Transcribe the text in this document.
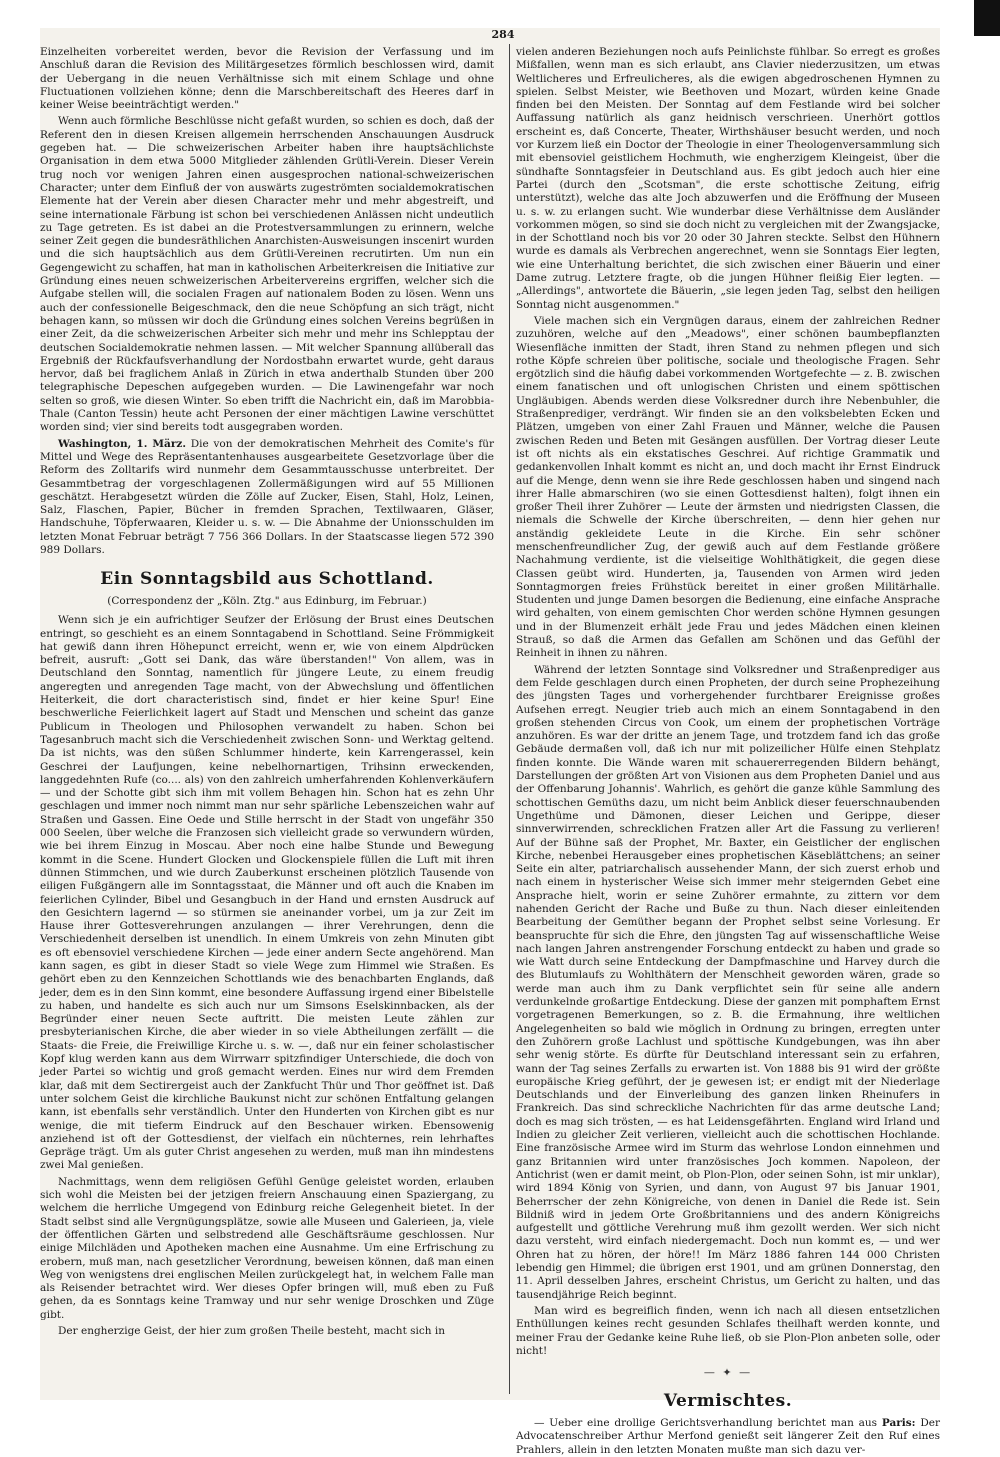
284

Einzelheiten vorbereitet werden, bevor die Revision der Verfassung und im Anschluß daran die Revision des Militärgesetzes förmlich beschlossen wird, damit der Uebergang in die neuen Verhältnisse sich mit einem Schlage und ohne Fluctuationen vollziehen könne; denn die Marschbereitschaft des Heeres darf in keiner Weise beeinträchtigt werden."

Wenn auch förmliche Beschlüsse nicht gefaßt wurden, so schien es doch, daß der Referent den in diesen Kreisen allgemein herrschenden Anschauungen Ausdruck gegeben hat. — Die schweizerischen Arbeiter haben ihre hauptsächlichste Organisation in dem etwa 5000 Mitglieder zählenden Grütli-Verein. Dieser Verein trug noch vor wenigen Jahren einen ausgesprochen national-schweizerischen Character; unter dem Einfluß der von auswärts zugeströmten socialdemokratischen Elemente hat der Verein aber diesen Character mehr und mehr abgestreift, und seine internationale Färbung ist schon bei verschiedenen Anlässen nicht undeutlich zu Tage getreten. Es ist dabei an die Protestversammlungen zu erinnern, welche seiner Zeit gegen die bundesräthlichen Anarchisten-Ausweisungen inscenirt wurden und die sich hauptsächlich aus dem Grütli-Vereinen recrutirten. Um nun ein Gegengewicht zu schaffen, hat man in katholischen Arbeiterkreisen die Initiative zur Gründung eines neuen schweizerischen Arbeitervereins ergriffen, welcher sich die Aufgabe stellen will, die socialen Fragen auf nationalem Boden zu lösen. Wenn uns auch der confessionelle Beigeschmack, den die neue Schöpfung an sich trägt, nicht behagen kann, so müssen wir doch die Gründung eines solchen Vereins begrüßen in einer Zeit, da die schweizerischen Arbeiter sich mehr und mehr ins Schlepptau der deutschen Socialdemokratie nehmen lassen. — Mit welcher Spannung allüberall das Ergebniß der Rückfaufsverhandlung der Nordostbahn erwartet wurde, geht daraus hervor, daß bei fraglichem Anlaß in Zürich in etwa anderthalb Stunden über 200 telegraphische Depeschen aufgegeben wurden. — Die Lawinengefahr war noch selten so groß, wie diesen Winter. So eben trifft die Nachricht ein, daß im Marobbia-Thale (Canton Tessin) heute acht Personen der einer mächtigen Lawine verschüttet worden sind; vier sind bereits todt ausgegraben worden.

Washington, 1. März. Die von der demokratischen Mehrheit des Comite's für Mittel und Wege des Repräsentantenhauses ausgearbeitete Gesetzvorlage über die Reform des Zolltarifs wird nunmehr dem Gesammtausschusse unterbreitet. Der Gesammtbetrag der vorgeschlagenen Zollermäßigungen wird auf 55 Millionen geschätzt. Herabgesetzt würden die Zölle auf Zucker, Eisen, Stahl, Holz, Leinen, Salz, Flaschen, Papier, Bücher in fremden Sprachen, Textilwaaren, Gläser, Handschuhe, Töpferwaaren, Kleider u. s. w. — Die Abnahme der Unionsschulden im letzten Monat Februar beträgt 7 756 366 Dollars. In der Staatscasse liegen 572 390 989 Dollars.

Ein Sonntagsbild aus Schottland.
(Correspondenz der „Köln. Ztg." aus Edinburg, im Februar.)

Wenn sich je ein aufrichtiger Seufzer der Erlösung der Brust eines Deutschen entringt, so geschieht es an einem Sonntagabend in Schottland. Seine Frömmigkeit hat gewiß dann ihren Höhepunct erreicht, wenn er, wie von einem Alpdrücken befreit, ausruft: „Gott sei Dank, das wäre überstanden!" Von allem, was in Deutschland den Sonntag, namentlich für jüngere Leute, zu einem freudig angeregten und anregenden Tage macht, von der Abwechslung und öffentlichen Heiterkeit, die dort characteristisch sind, findet er hier keine Spur! Eine beschwerliche Feierlichkeit lagert auf Stadt und Menschen und scheint das ganze Publicum in Theologen und Philosophen verwandelt zu haben. Schon bei Tagesanbruch macht sich die Verschiedenheit zwischen Sonn- und Werktag geltend. Da ist nichts, was den süßen Schlummer hinderte, kein Karrengerassel, kein Geschrei der Laufjungen, keine nebelhornartigen, Trihsinn erweckenden, langgedehnten Rufe (co.... als) von den zahlreich umherfahrenden Kohlenverkäufern — und der Schotte gibt sich ihm mit vollem Behagen hin. Schon hat es zehn Uhr geschlagen und immer noch nimmt man nur sehr spärliche Lebenszeichen wahr auf Straßen und Gassen. Eine Oede und Stille herrscht in der Stadt von ungefähr 350 000 Seelen, über welche die Franzosen sich vielleicht grade so verwundern würden, wie bei ihrem Einzug in Moscau. Aber noch eine halbe Stunde und Bewegung kommt in die Scene. Hundert Glocken und Glockenspiele füllen die Luft mit ihren dünnen Stimmchen, und wie durch Zauberkunst erscheinen plötzlich Tausende von eiligen Fußgängern alle im Sonntagsstaat, die Männer und oft auch die Knaben im feierlichen Cylinder, Bibel und Gesangbuch in der Hand und ernsten Ausdruck auf den Gesichtern lagernd — so stürmen sie aneinander vorbei, um ja zur Zeit im Hause ihrer Gottesverehrungen anzulangen — ihrer Verehrungen, denn die Verschiedenheit derselben ist unendlich. In einem Umkreis von zehn Minuten gibt es oft ebensoviel verschiedene Kirchen — jede einer andern Secte angehörend. Man kann sagen, es gibt in dieser Stadt so viele Wege zum Himmel wie Straßen. Es gehört eben zu den Kennzeichen Schottlands wie des benachbarten Englands, daß jeder, dem es in den Sinn kommt, eine besondere Auffassung irgend einer Bibelstelle zu haben, und handelte es sich auch nur um Simsons Eselskinnbacken, als der Begründer einer neuen Secte auftritt. Die meisten Leute zählen zur presbyterianischen Kirche, die aber wieder in so viele Abtheilungen zerfällt — die Staats- die Freie, die Freiwillige Kirche u. s. w. —, daß nur ein feiner scholastischer Kopf klug werden kann aus dem Wirrwarr spitzfindiger Unterschiede, die doch von jeder Partei so wichtig und groß gemacht werden. Eines nur wird dem Fremden klar, daß mit dem Sectirergeist auch der Zankfucht Thür und Thor geöffnet ist. Daß unter solchem Geist die kirchliche Baukunst nicht zur schönen Entfaltung gelangen kann, ist ebenfalls sehr verständlich. Unter den Hunderten von Kirchen gibt es nur wenige, die mit tieferm Eindruck auf den Beschauer wirken. Ebensowenig anziehend ist oft der Gottesdienst, der vielfach ein nüchternes, rein lehrhaftes Gepräge trägt. Um als guter Christ angesehen zu werden, muß man ihn mindestens zwei Mal genießen.

Nachmittags, wenn dem religiösen Gefühl Genüge geleistet worden, erlauben sich wohl die Meisten bei der jetzigen freiern Anschauung einen Spaziergang, zu welchem die herrliche Umgegend von Edinburg reiche Gelegenheit bietet. In der Stadt selbst sind alle Vergnügungsplätze, sowie alle Museen und Galerieen, ja, viele der öffentlichen Gärten und selbstredend alle Geschäftsräume geschlossen. Nur einige Milchläden und Apotheken machen eine Ausnahme. Um eine Erfrischung zu erobern, muß man, nach gesetzlicher Verordnung, beweisen können, daß man einen Weg von wenigstens drei englischen Meilen zurückgelegt hat, in welchem Falle man als Reisender betrachtet wird. Wer dieses Opfer bringen will, muß eben zu Fuß gehen, da es Sonntags keine Tramway und nur sehr wenige Droschken und Züge gibt.

Der engherzige Geist, der hier zum großen Theile besteht, macht sich in

vielen anderen Beziehungen noch aufs Peinlichste fühlbar. So erregt es großes Mißfallen, wenn man es sich erlaubt, ans Clavier niederzusitzen, um etwas Weltlicheres und Erfreulicheres, als die ewigen abgedroschenen Hymnen zu spielen. Selbst Meister, wie Beethoven und Mozart, würden keine Gnade finden bei den Meisten. Der Sonntag auf dem Festlande wird bei solcher Auffassung natürlich als ganz heidnisch verschrieen. Unerhört gottlos erscheint es, daß Concerte, Theater, Wirthshäuser besucht werden, und noch vor Kurzem ließ ein Doctor der Theologie in einer Theologenversammlung sich mit ebensoviel geistlichem Hochmuth, wie engherzigem Kleingeist, über die sündhafte Sonntagsfeier in Deutschland aus. Es gibt jedoch auch hier eine Partei (durch den „Scotsman", die erste schottische Zeitung, eifrig unterstützt), welche das alte Joch abzuwerfen und die Eröffnung der Museen u. s. w. zu erlangen sucht. Wie wunderbar diese Verhältnisse dem Ausländer vorkommen mögen, so sind sie doch nicht zu vergleichen mit der Zwangsjacke, in der Schottland noch bis vor 20 oder 30 Jahren steckte. Selbst den Hühnern wurde es damals als Verbrechen angerechnet, wenn sie Sonntags Eier legten, wie eine Unterhaltung berichtet, die sich zwischen einer Bäuerin und einer Dame zutrug. Letztere fragte, ob die jungen Hühner fleißig Eier legten. — „Allerdings", antwortete die Bäuerin, „sie legen jeden Tag, selbst den heiligen Sonntag nicht ausgenommen."

Viele machen sich ein Vergnügen daraus, einem der zahlreichen Redner zuzuhören, welche auf den „Meadows", einer schönen baumbepflanzten Wiesenfläche inmitten der Stadt, ihren Stand zu nehmen pflegen und sich rothe Köpfe schreien über politische, sociale und theologische Fragen. Sehr ergötzlich sind die häufig dabei vorkommenden Wortgefechte — z. B. zwischen einem fanatischen und oft unlogischen Christen und einem spöttischen Ungläubigen. Abends werden diese Volksredner durch ihre Nebenbuhler, die Straßenprediger, verdrängt. Wir finden sie an den volksbelebten Ecken und Plätzen, umgeben von einer Zahl Frauen und Männer, welche die Pausen zwischen Reden und Beten mit Gesängen ausfüllen. Der Vortrag dieser Leute ist oft nichts als ein ekstatisches Geschrei. Auf richtige Grammatik und gedankenvollen Inhalt kommt es nicht an, und doch macht ihr Ernst Eindruck auf die Menge, denn wenn sie ihre Rede geschlossen haben und singend nach ihrer Halle abmarschiren (wo sie einen Gottesdienst halten), folgt ihnen ein großer Theil ihrer Zuhörer — Leute der ärmsten und niedrigsten Classen, die niemals die Schwelle der Kirche überschreiten, — denn hier gehen nur anständig gekleidete Leute in die Kirche. Ein sehr schöner menschenfreundlicher Zug, der gewiß auch auf dem Festlande größere Nachahmung verdiente, ist die vielseitige Wohlthätigkeit, die gegen diese Classen geübt wird. Hunderten, ja, Tausenden von Armen wird jeden Sonntagmorgen freies Frühstück bereitet in einer großen Militärhalle. Studenten und junge Damen besorgen die Bedienung, eine einfache Ansprache wird gehalten, von einem gemischten Chor werden schöne Hymnen gesungen und in der Blumenzeit erhält jede Frau und jedes Mädchen einen kleinen Strauß, so daß die Armen das Gefallen am Schönen und das Gefühl der Reinheit in ihnen zu nähren.

Während der letzten Sonntage sind Volksredner und Straßenprediger aus dem Felde geschlagen durch einen Propheten, der durch seine Prophezeihung des jüngsten Tages und vorhergehender furchtbarer Ereignisse großes Aufsehen erregt. Neugier trieb auch mich an einem Sonntagabend in den großen stehenden Circus von Cook, um einem der prophetischen Vorträge anzuhören. Es war der dritte an jenem Tage, und trotzdem fand ich das große Gebäude dermaßen voll, daß ich nur mit polizeilicher Hülfe einen Stehplatz finden konnte. Die Wände waren mit schauererregenden Bildern behängt, Darstellungen der größten Art von Visionen aus dem Propheten Daniel und aus der Offenbarung Johannis'. Wahrlich, es gehört die ganze kühle Sammlung des schottischen Gemüths dazu, um nicht beim Anblick dieser feuerschnaubenden Ungethüme und Dämonen, dieser Leichen und Gerippe, dieser sinnverwirrenden, schrecklichen Fratzen aller Art die Fassung zu verlieren! Auf der Bühne saß der Prophet, Mr. Baxter, ein Geistlicher der englischen Kirche, nebenbei Herausgeber eines prophetischen Käseblättchens; an seiner Seite ein alter, patriarchalisch aussehender Mann, der sich zuerst erhob und nach einem in hysterischer Weise sich immer mehr steigernden Gebet eine Ansprache hielt, worin er seine Zuhörer ermahnte, zu zittern vor dem nahenden Gericht der Rache und Buße zu thun. Nach dieser einleitenden Bearbeitung der Gemüther begann der Prophet selbst seine Vorlesung. Er beanspruchte für sich die Ehre, den jüngsten Tag auf wissenschaftliche Weise nach langen Jahren anstrengender Forschung entdeckt zu haben und grade so wie Watt durch seine Entdeckung der Dampfmaschine und Harvey durch die des Blutumlaufs zu Wohlthätern der Menschheit geworden wären, grade so werde man auch ihm zu Dank verpflichtet sein für seine alle andern verdunkelnde großartige Entdeckung. Diese der ganzen mit pomphaftem Ernst vorgetragenen Bemerkungen, so z. B. die Ermahnung, ihre weltlichen Angelegenheiten so bald wie möglich in Ordnung zu bringen, erregten unter den Zuhörern große Lachlust und spöttische Kundgebungen, was ihn aber sehr wenig störte. Es dürfte für Deutschland interessant sein zu erfahren, wann der Tag seines Zerfalls zu erwarten ist. Von 1888 bis 91 wird der größte europäische Krieg geführt, der je gewesen ist; er endigt mit der Niederlage Deutschlands und der Einverleibung des ganzen linken Rheinufers in Frankreich. Das sind schreckliche Nachrichten für das arme deutsche Land; doch es mag sich trösten, — es hat Leidensgefährten. England wird Irland und Indien zu gleicher Zeit verlieren, vielleicht auch die schottischen Hochlande. Eine französische Armee wird im Sturm das wehrlose London einnehmen und ganz Britannien wird unter französisches Joch kommen. Napoleon, der Antichrist (wen er damit meint, ob Plon-Plon, oder seinen Sohn, ist mir unklar), wird 1894 König von Syrien, und dann, von August 97 bis Januar 1901, Beherrscher der zehn Königreiche, von denen in Daniel die Rede ist. Sein Bildniß wird in jedem Orte Großbritanniens und des andern Königreichs aufgestellt und göttliche Verehrung muß ihm gezollt werden. Wer sich nicht dazu versteht, wird einfach niedergemacht. Doch nun kommt es, — und wer Ohren hat zu hören, der höre!! Im März 1886 fahren 144 000 Christen lebendig gen Himmel; die übrigen erst 1901, und am grünen Donnerstag, den 11. April desselben Jahres, erscheint Christus, um Gericht zu halten, und das tausendjährige Reich beginnt.

Man wird es begreiflich finden, wenn ich nach all diesen entsetzlichen Enthüllungen keines recht gesunden Schlafes theilhaft werden konnte, und meiner Frau der Gedanke keine Ruhe ließ, ob sie Plon-Plon anbeten solle, oder nicht!

— ✦ —
Vermischtes.

— Ueber eine drollige Gerichtsverhandlung berichtet man aus Paris: Der Advocatenschreiber Arthur Merfond genießt seit längerer Zeit den Ruf eines Prahlers, allein in den letzten Monaten mußte man sich dazu ver-
